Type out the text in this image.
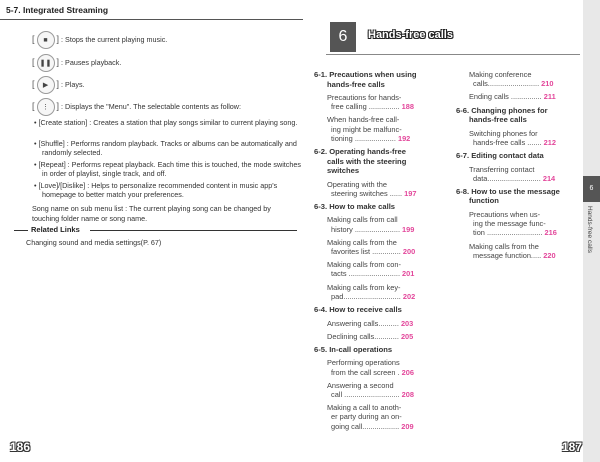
5-7. Integrated Streaming
[ ■ ] : Stops the current playing music.
[ ❚❚ ] : Pauses playback.
[ ▶ ] : Plays.
[ ⋮ ] : Displays the "Menu". The selectable contents as follow:
• [Create station] : Creates a station that play songs similar to current playing song.
• [Shuffle] : Performs random playback. Tracks or albums can be automatically and randomly selected.
• [Repeat] : Performs repeat playback. Each time this is touched, the mode switches in order of playlist, single track, and off.
• [Love]/[Dislike] : Helps to personalize recommended content in music app's homepage to better match your preferences.
Song name on sub menu list : The current playing song can be changed by touching folder name or song name.
Related Links
Changing sound and media settings(P. 67)
186
6	Hands-free calls
6-1. Precautions when using
hands-free calls
Precautions for hands-
free calling ............... 188
When hands-free call-
ing might be malfunc-
tioning .................... 192
6-2. Operating hands-free
calls with the steering
switches
Operating with the
steering switches ...... 197
6-3. How to make calls
Making calls from call
history ...................... 199
Making calls from the
favorites list .............. 200
Making calls from con-
tacts ......................... 201
Making calls from key-
pad............................ 202
6-4. How to receive calls
Answering calls.......... 203
Declining calls............ 205
6-5. In-call operations
Performing operations
from the call screen . 206
Answering a second
call ........................... 208
Making a call to anoth-
er party during an on-
going call.................. 209
Making conference
calls......................... 210
Ending calls ............... 211
6-6. Changing phones for
hands-free calls
Switching phones for
hands-free calls ....... 212
6-7. Editing contact data
Transferring contact
data.......................... 214
6-8. How to use the message
function
Precautions when us-
ing the message func-
tion ........................... 216
Making calls from the
message function..... 220
6
Hands-free calls
187
